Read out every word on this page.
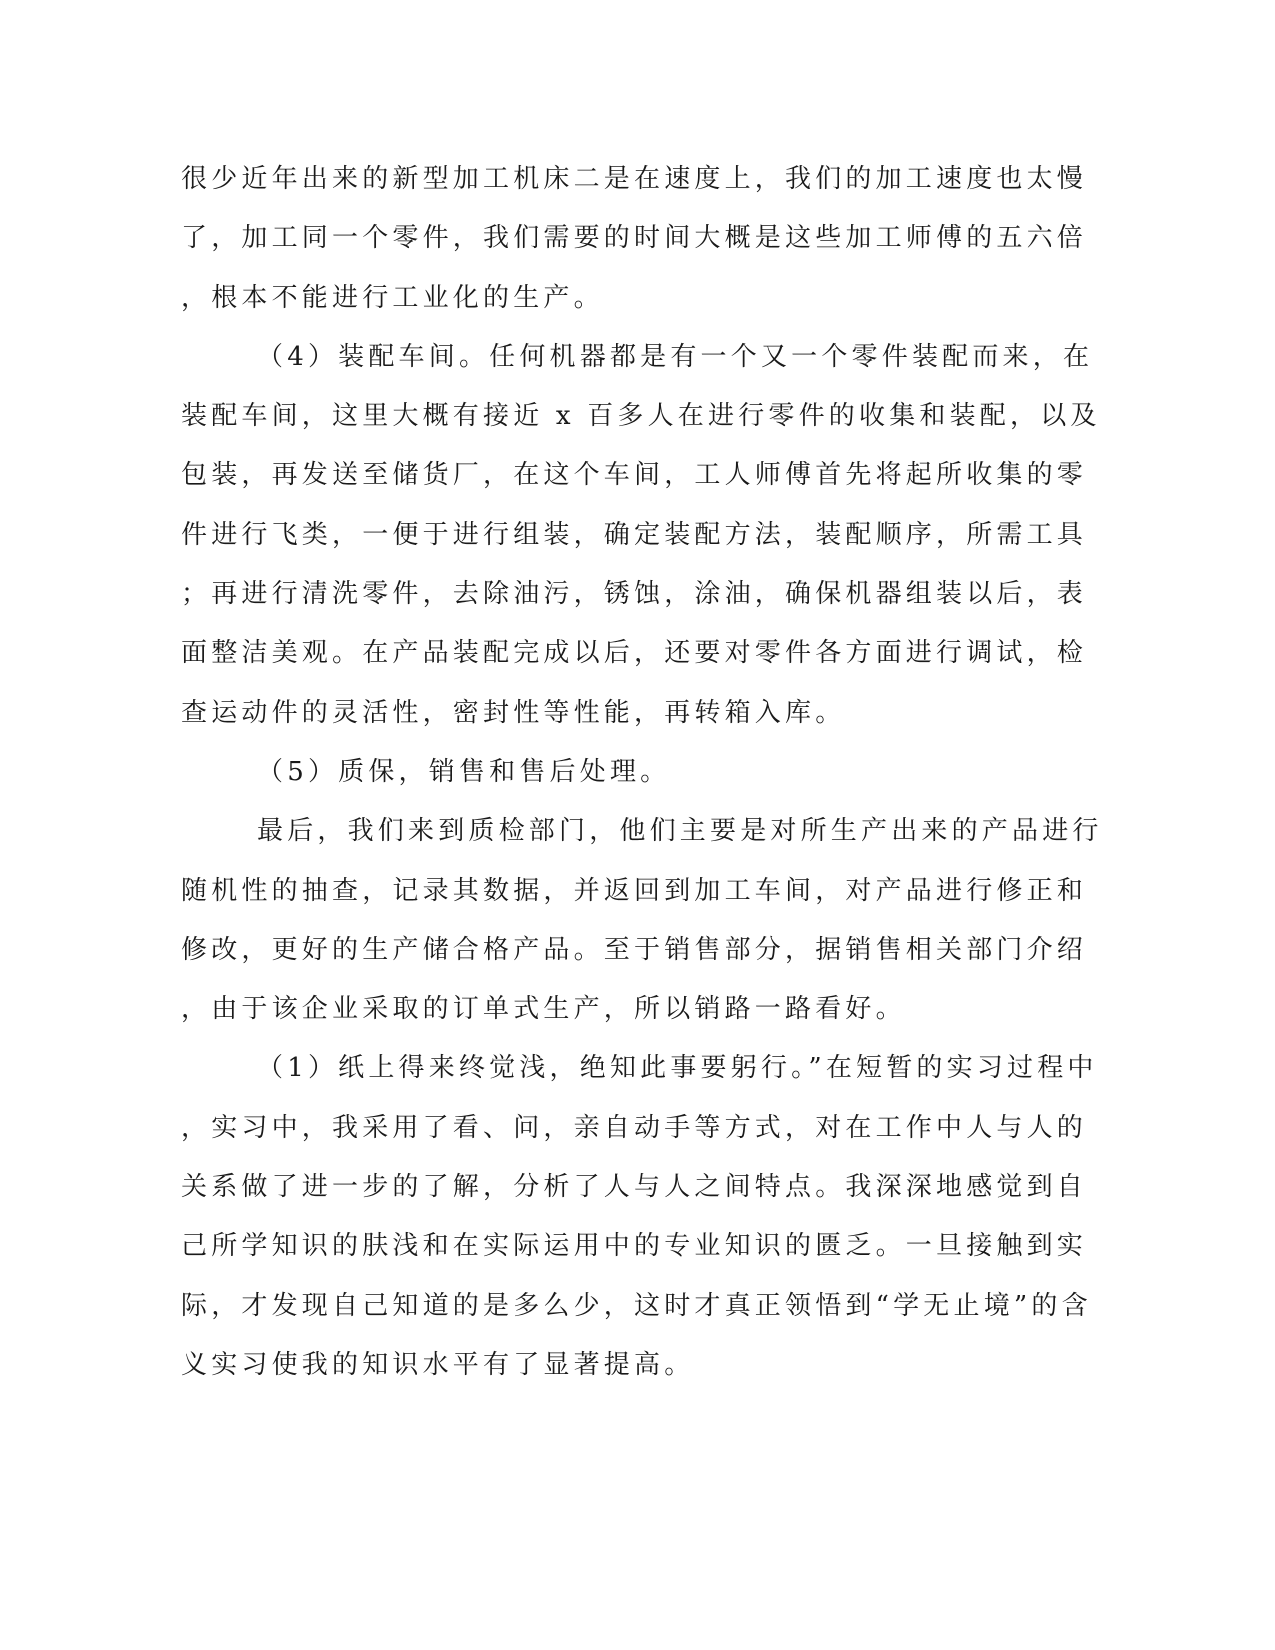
很少近年出来的新型加工机床二是在速度上，我们的加工速度也太慢
了，加工同一个零件，我们需要的时间大概是这些加工师傅的五六倍
，根本不能进行工业化的生产。
（4）装配车间。任何机器都是有一个又一个零件装配而来，在
装配车间，这里大概有接近 x 百多人在进行零件的收集和装配，以及
包装，再发送至储货厂，在这个车间，工人师傅首先将起所收集的零
件进行飞类，一便于进行组装，确定装配方法，装配顺序，所需工具
；再进行清洗零件，去除油污，锈蚀，涂油，确保机器组装以后，表
面整洁美观。在产品装配完成以后，还要对零件各方面进行调试，检
查运动件的灵活性，密封性等性能，再转箱入库。
（5）质保，销售和售后处理。
最后，我们来到质检部门，他们主要是对所生产出来的产品进行
随机性的抽查，记录其数据，并返回到加工车间，对产品进行修正和
修改，更好的生产储合格产品。至于销售部分，据销售相关部门介绍
，由于该企业采取的订单式生产，所以销路一路看好。
（1）纸上得来终觉浅，绝知此事要躬行。”在短暂的实习过程中
，实习中，我采用了看、问，亲自动手等方式，对在工作中人与人的
关系做了进一步的了解，分析了人与人之间特点。我深深地感觉到自
己所学知识的肤浅和在实际运用中的专业知识的匮乏。一旦接触到实
际，才发现自己知道的是多么少，这时才真正领悟到“学无止境”的含
义实习使我的知识水平有了显著提高。
